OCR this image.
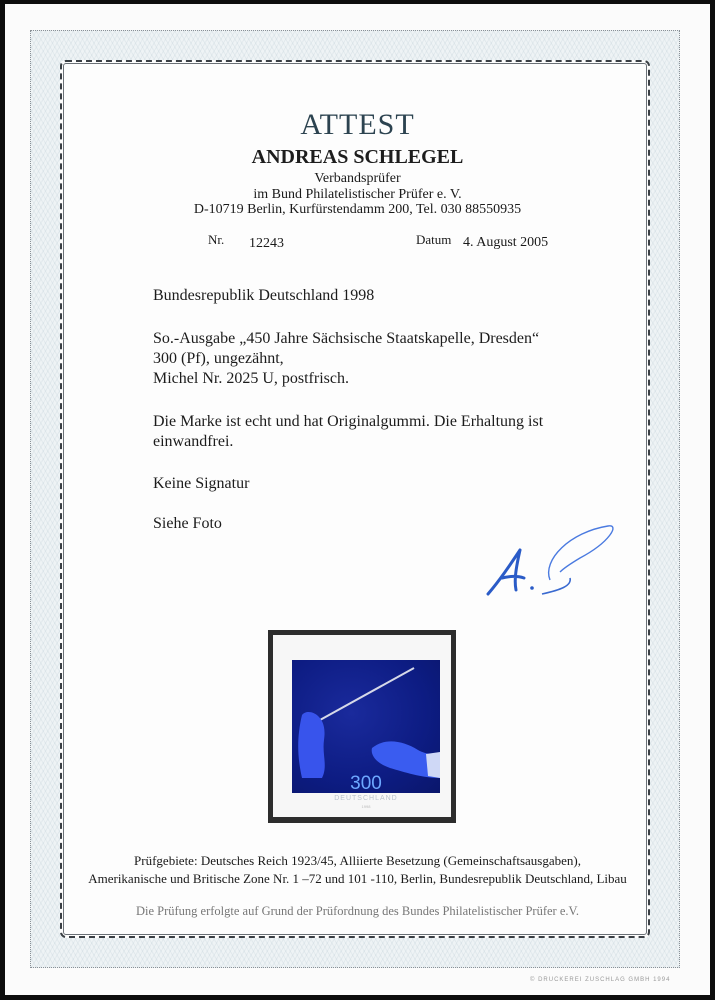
ATTEST
ANDREAS SCHLEGEL
Verbandsprüfer
im Bund Philatelistischer Prüfer e. V.
D-10719 Berlin, Kurfürstendamm 200, Tel. 030 88550935
Nr. 12243	Datum 4. August 2005
Bundesrepublik Deutschland 1998
So.-Ausgabe „450 Jahre Sächsische Staatskapelle, Dresden“
300 (Pf), ungezähnt,
Michel Nr. 2025 U, postfrisch.
Die Marke ist echt und hat Originalgummi. Die Erhaltung ist
einwandfrei.
Keine Signatur
Siehe Foto
300
DEUTSCHLAND
1998
Prüfgebiete: Deutsches Reich 1923/45, Alliierte Besetzung (Gemeinschaftsausgaben),
Amerikanische und Britische Zone Nr. 1 –72 und 101 -110, Berlin, Bundesrepublik Deutschland, Libau
Die Prüfung erfolgte auf Grund der Prüfordnung des Bundes Philatelistischer Prüfer e.V.
© DRUCKEREI ZUSCHLAG GMBH 1994
